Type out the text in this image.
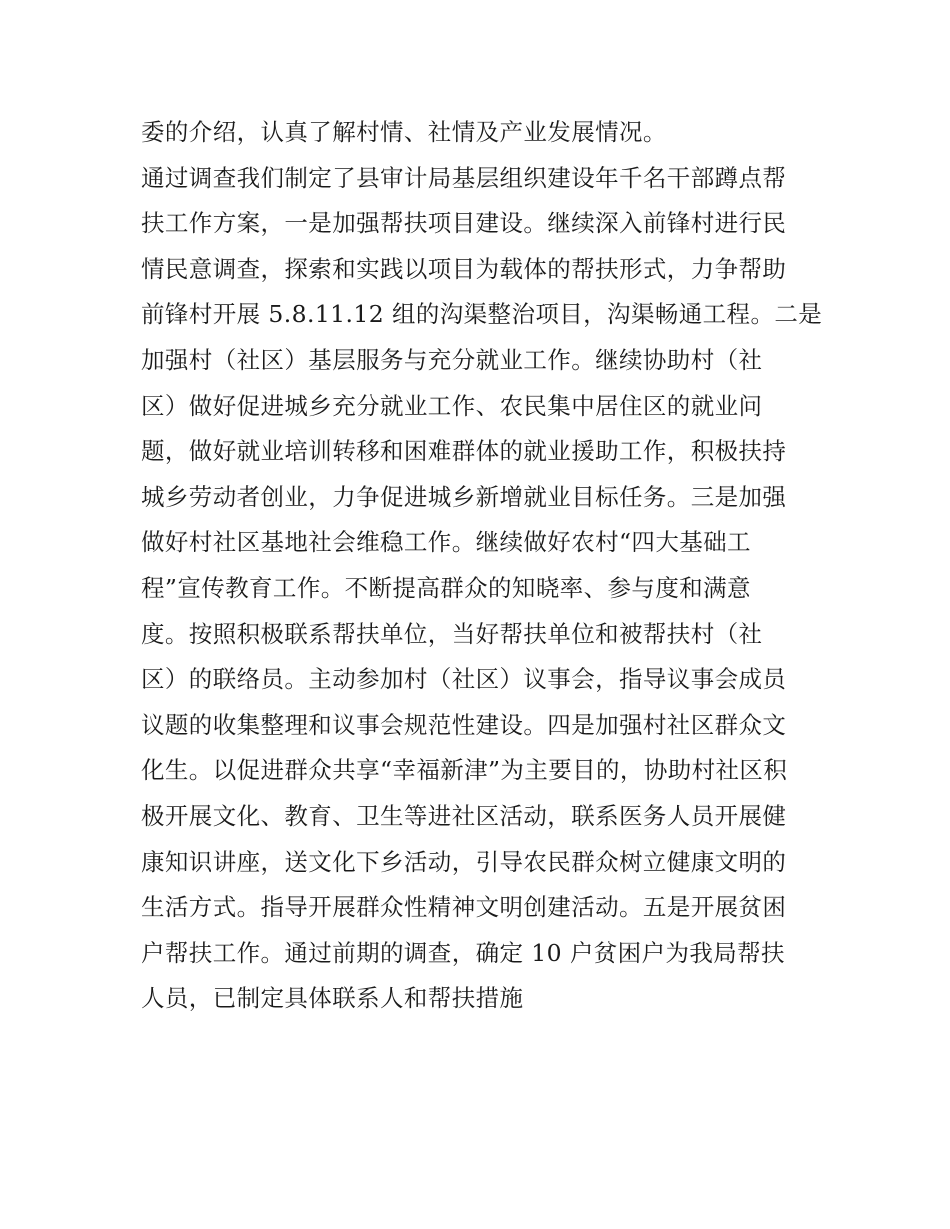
委的介绍，认真了解村情、社情及产业发展情况。
通过调查我们制定了县审计局基层组织建设年千名干部蹲点帮
扶工作方案，一是加强帮扶项目建设。继续深入前锋村进行民
情民意调查，探索和实践以项目为载体的帮扶形式，力争帮助
前锋村开展 5.8.11.12 组的沟渠整治项目，沟渠畅通工程。二是
加强村（社区）基层服务与充分就业工作。继续协助村（社
区）做好促进城乡充分就业工作、农民集中居住区的就业问
题，做好就业培训转移和困难群体的就业援助工作，积极扶持
城乡劳动者创业，力争促进城乡新增就业目标任务。三是加强
做好村社区基地社会维稳工作。继续做好农村“四大基础工
程”宣传教育工作。不断提高群众的知晓率、参与度和满意
度。按照积极联系帮扶单位，当好帮扶单位和被帮扶村（社
区）的联络员。主动参加村（社区）议事会，指导议事会成员
议题的收集整理和议事会规范性建设。四是加强村社区群众文
化生。以促进群众共享“幸福新津”为主要目的，协助村社区积
极开展文化、教育、卫生等进社区活动，联系医务人员开展健
康知识讲座，送文化下乡活动，引导农民群众树立健康文明的
生活方式。指导开展群众性精神文明创建活动。五是开展贫困
户帮扶工作。通过前期的调查，确定 10 户贫困户为我局帮扶
人员，已制定具体联系人和帮扶措施
